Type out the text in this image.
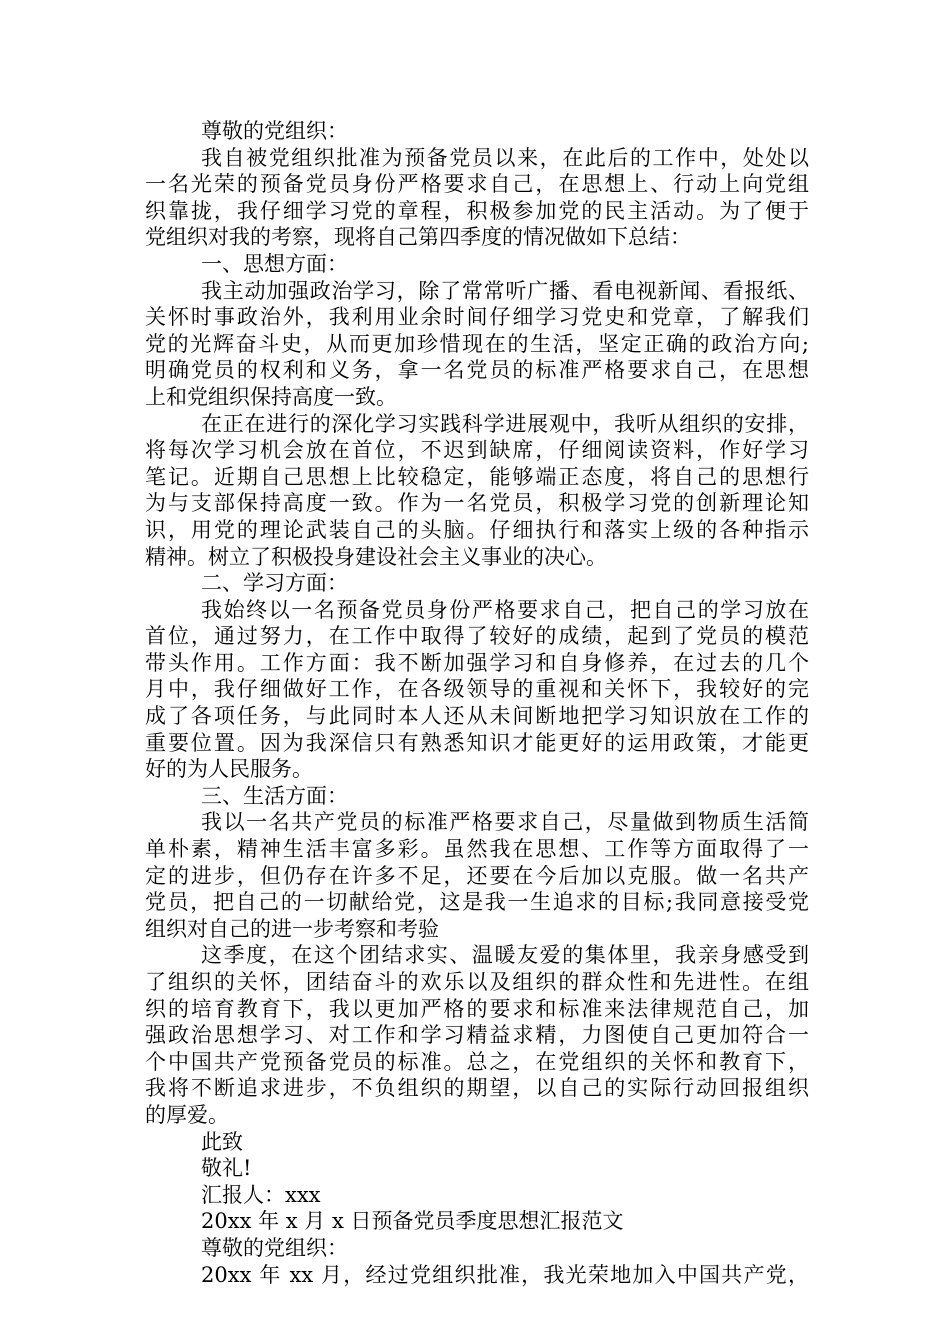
尊敬的党组织：
我自被党组织批准为预备党员以来，在此后的工作中，处处以
一名光荣的预备党员身份严格要求自己，在思想上、行动上向党组
织靠拢，我仔细学习党的章程，积极参加党的民主活动。为了便于
党组织对我的考察，现将自己第四季度的情况做如下总结：
一、思想方面：
我主动加强政治学习，除了常常听广播、看电视新闻、看报纸、
关怀时事政治外，我利用业余时间仔细学习党史和党章，了解我们
党的光辉奋斗史，从而更加珍惜现在的生活，坚定正确的政治方向;
明确党员的权利和义务，拿一名党员的标准严格要求自己，在思想
上和党组织保持高度一致。
在正在进行的深化学习实践科学进展观中，我听从组织的安排，
将每次学习机会放在首位，不迟到缺席，仔细阅读资料，作好学习
笔记。近期自己思想上比较稳定，能够端正态度，将自己的思想行
为与支部保持高度一致。作为一名党员，积极学习党的创新理论知
识，用党的理论武装自己的头脑。仔细执行和落实上级的各种指示
精神。树立了积极投身建设社会主义事业的决心。
二、学习方面：
我始终以一名预备党员身份严格要求自己，把自己的学习放在
首位，通过努力，在工作中取得了较好的成绩，起到了党员的模范
带头作用。工作方面：我不断加强学习和自身修养，在过去的几个
月中，我仔细做好工作，在各级领导的重视和关怀下，我较好的完
成了各项任务，与此同时本人还从未间断地把学习知识放在工作的
重要位置。因为我深信只有熟悉知识才能更好的运用政策，才能更
好的为人民服务。
三、生活方面：
我以一名共产党员的标准严格要求自己，尽量做到物质生活简
单朴素，精神生活丰富多彩。虽然我在思想、工作等方面取得了一
定的进步，但仍存在许多不足，还要在今后加以克服。做一名共产
党员，把自己的一切献给党，这是我一生追求的目标;我同意接受党
组织对自己的进一步考察和考验
这季度，在这个团结求实、温暖友爱的集体里，我亲身感受到
了组织的关怀，团结奋斗的欢乐以及组织的群众性和先进性。在组
织的培育教育下，我以更加严格的要求和标准来法律规范自己，加
强政治思想学习、对工作和学习精益求精，力图使自己更加符合一
个中国共产党预备党员的标准。总之，在党组织的关怀和教育下，
我将不断追求进步，不负组织的期望，以自己的实际行动回报组织
的厚爱。
此致
敬礼!
汇报人：xxx
20xx 年 x 月 x 日预备党员季度思想汇报范文
尊敬的党组织：
20xx 年 xx 月，经过党组织批准，我光荣地加入中国共产党，
